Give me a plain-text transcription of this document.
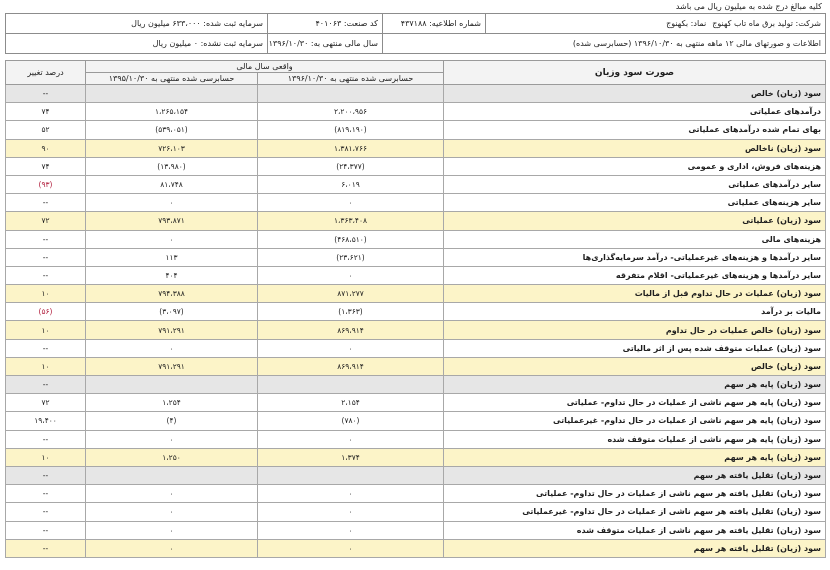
کلیه مبالغ درج شده به میلیون ریال می باشد
شرکت: تولید برق ماه تاب کهنوجنماد: بکهنوج	شماره اطلاعیه: ۴۳۷۱۸۸	کد صنعت: ۴۰۱۰۶۳	سرمایه ثبت شده: ۶۳۳،۰۰۰ میلیون ریال
اطلاعات و صورتهای مالی ۱۲ ماهه منتهی به ۱۳۹۶/۱۰/۳۰ (حسابرسی شده)		سال مالی منتهی به: ۱۳۹۶/۱۰/۳۰	سرمایه ثبت نشده: ۰ میلیون ریال
صورت سود وزیان	واقعی سال مالی		درصد تغییر
	حسابرسی شده منتهی به ۱۳۹۶/۱۰/۳۰	حسابرسی شده منتهی به ۱۳۹۵/۱۰/۳۰	
سود (زیان) خالص			--
درآمدهای عملیاتی	۲،۲۰۰،۹۵۶	۱،۲۶۵،۱۵۴	۷۴
بهای تمام شده درآمدهای عملیاتی	(۸۱۹،۱۹۰)	(۵۳۹،۰۵۱)	۵۲
سود (زیان) ناخالص	۱،۳۸۱،۷۶۶	۷۲۶،۱۰۳	۹۰
هزینه‌های فروش، اداری و عمومی	(۲۴،۳۷۷)	(۱۳،۹۸۰)	۷۴
سایر درآمدهای عملیاتی	۶،۰۱۹	۸۱،۷۴۸	(۹۳)
سایر هزینه‌های عملیاتی	۰	۰	--
سود (زیان) عملیاتی	۱،۳۶۳،۴۰۸	۷۹۳،۸۷۱	۷۲
هزینه‌های مالی	(۴۶۸،۵۱۰)	۰	--
سایر درآمدها و هزینه‌های غیرعملیاتی- درآمد سرمایه‌گذاری‌ها	(۲۳،۶۲۱)	۱۱۳	--
سایر درآمدها و هزینه‌های غیرعملیاتی- اقلام متفرقه	۰	۴۰۴	--
سود (زیان) عملیات در حال تداوم قبل از مالیات	۸۷۱،۲۷۷	۷۹۴،۳۸۸	۱۰
مالیات بر درآمد	(۱،۳۶۳)	(۳،۰۹۷)	(۵۶)
سود (زیان) خالص عملیات در حال تداوم	۸۶۹،۹۱۴	۷۹۱،۲۹۱	۱۰
سود (زیان) عملیات متوقف شده پس از اثر مالیاتی	۰	۰	--
سود (زیان) خالص	۸۶۹،۹۱۴	۷۹۱،۲۹۱	۱۰
سود (زیان) پایه هر سهم			--
سود (زیان) پایه هر سهم ناشی از عملیات در حال تداوم- عملیاتی	۲،۱۵۴	۱،۲۵۴	۷۲
سود (زیان) پایه هر سهم ناشی از عملیات در حال تداوم- غیرعملیاتی	(۷۸۰)	(۴)	۱۹،۴۰۰
سود (زیان) پایه هر سهم ناشی از عملیات متوقف شده	۰	۰	--
سود (زیان) پایه هر سهم	۱،۳۷۴	۱،۲۵۰	۱۰
سود (زیان) تقلیل یافته هر سهم			--
سود (زیان) تقلیل یافته هر سهم ناشی از عملیات در حال تداوم- عملیاتی	۰	۰	--
سود (زیان) تقلیل یافته هر سهم ناشی از عملیات در حال تداوم- غیرعملیاتی	۰	۰	--
سود (زیان) تقلیل یافته هر سهم ناشی از عملیات متوقف شده	۰	۰	--
سود (زیان) تقلیل یافته هر سهم	۰	۰	--
